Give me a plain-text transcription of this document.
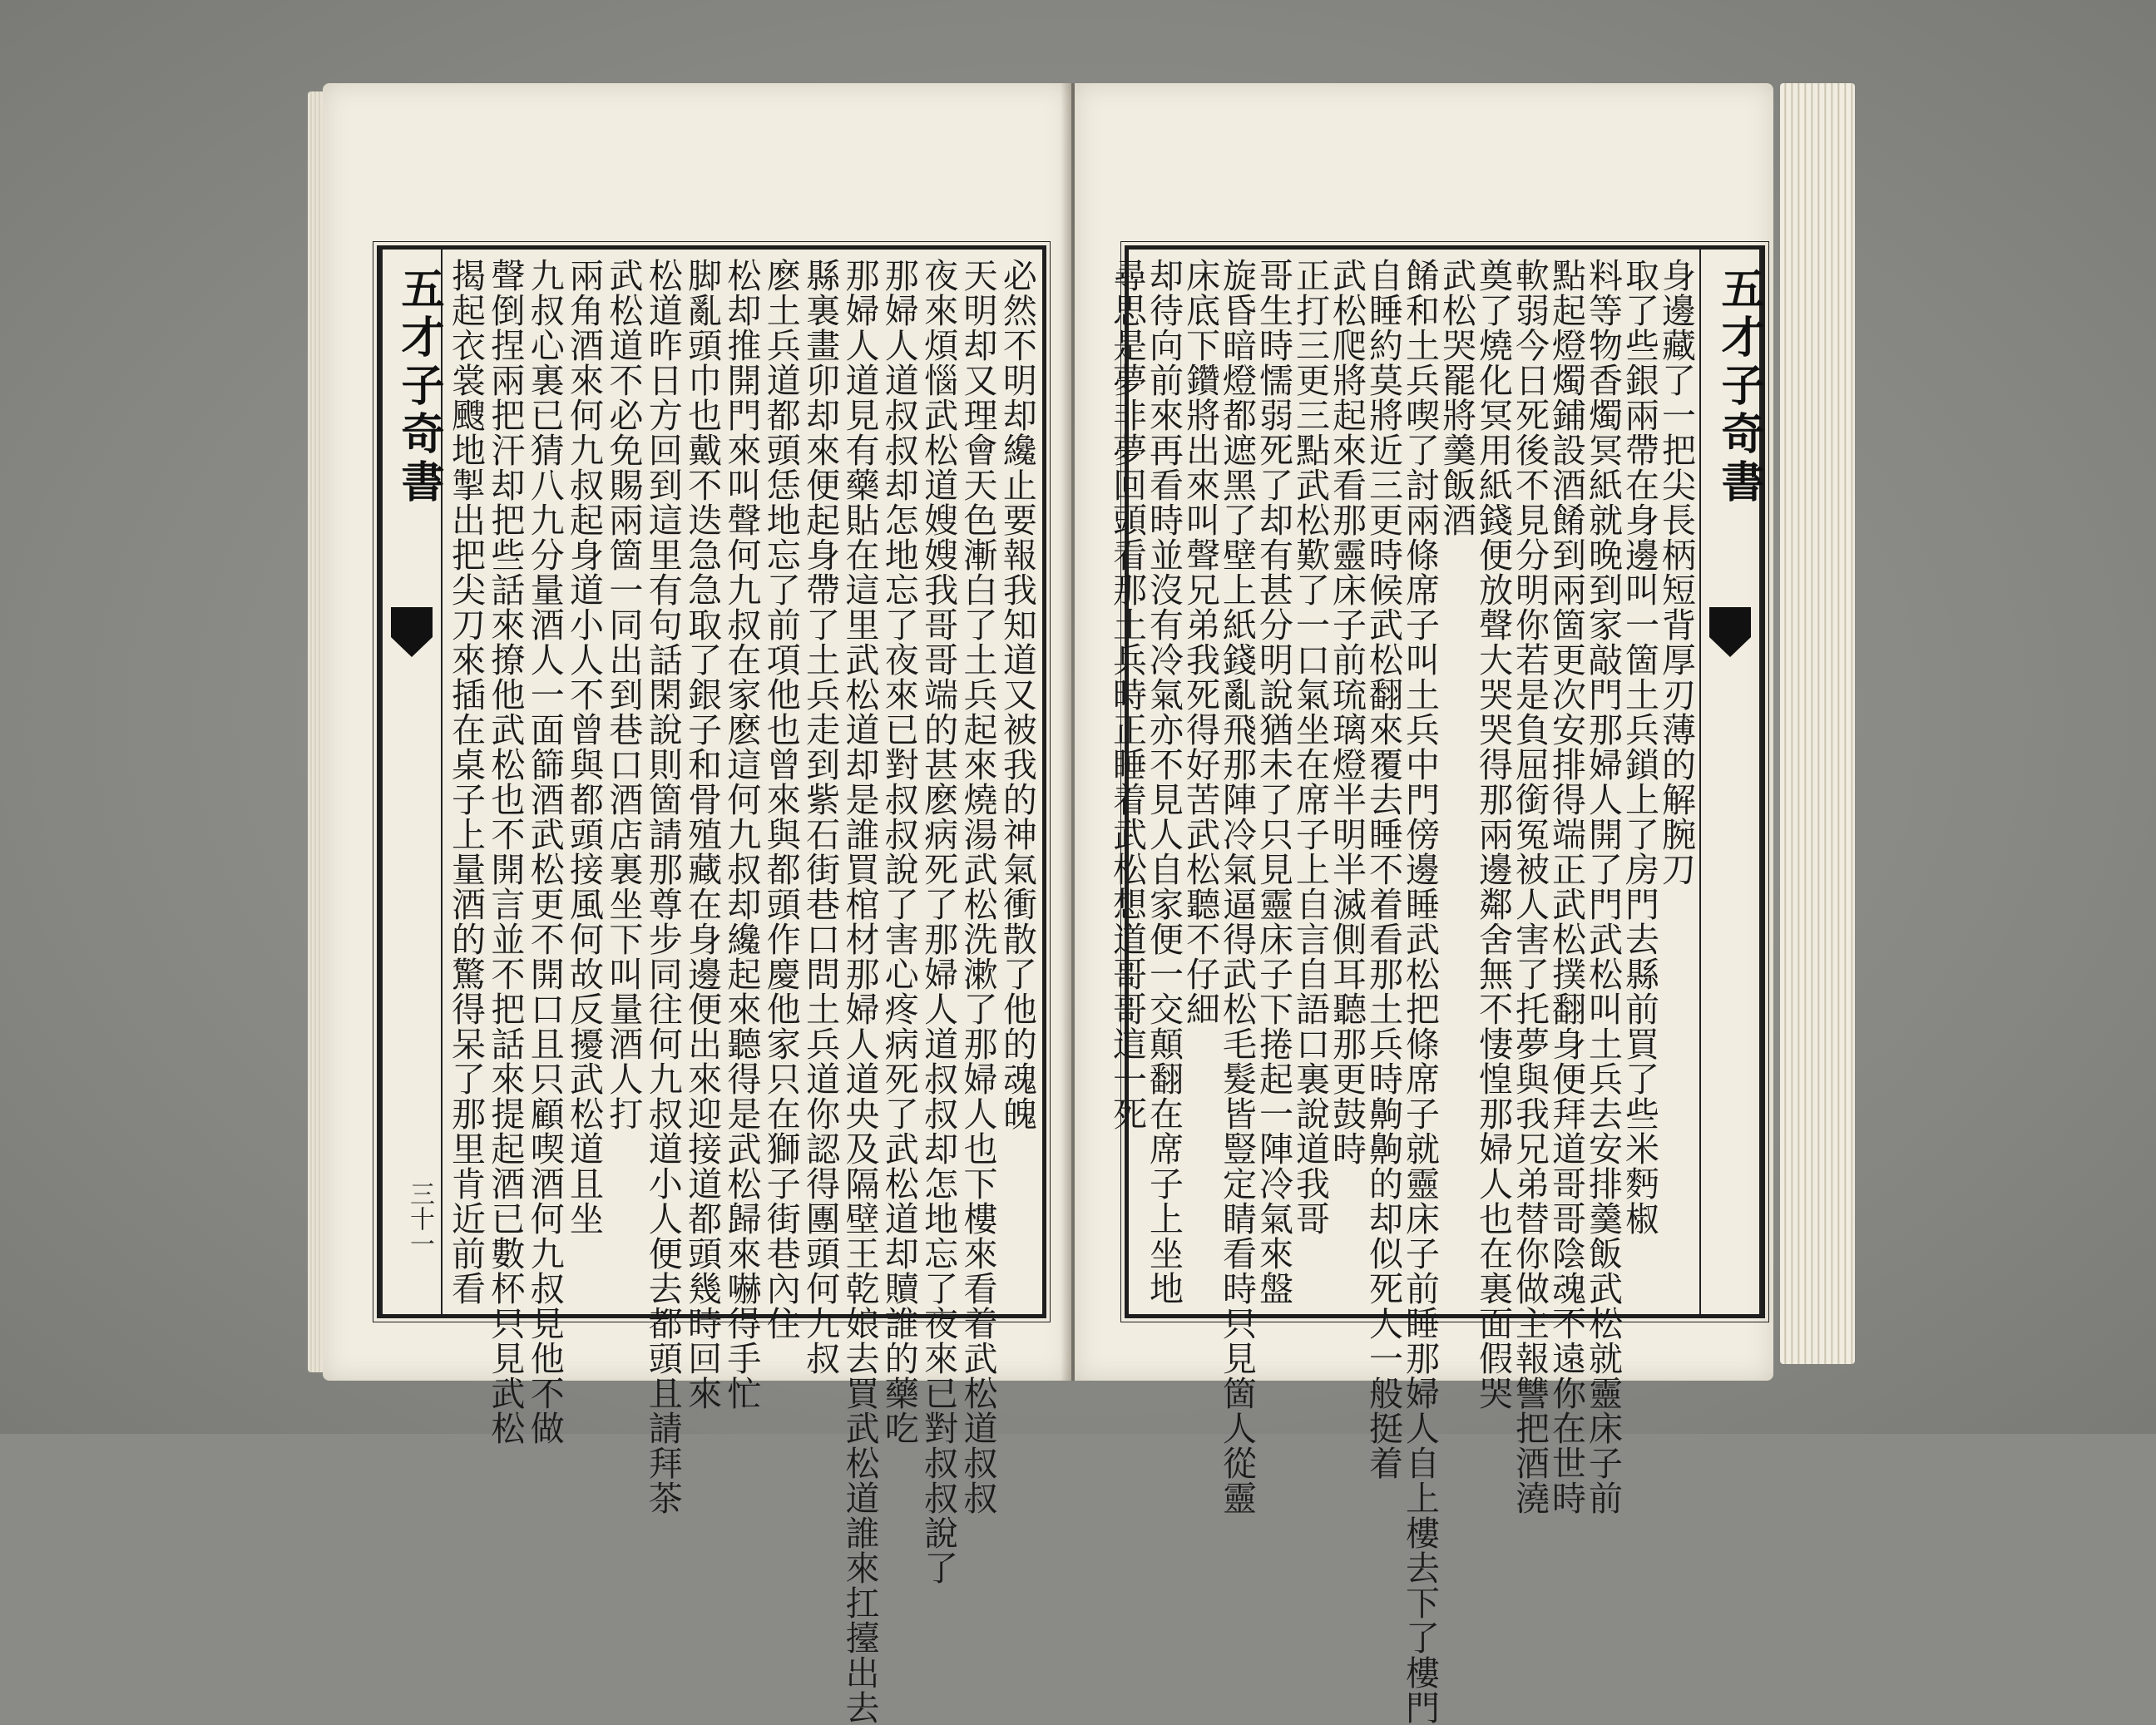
必然不明却纔止要報我知道又被我的神氣衝散了他的魂魄
天明却又理會天色漸白了土兵起來燒湯武松洗漱了那婦人也下樓來看着武松道叔叔
夜來煩惱武松道嫂嫂我哥哥端的甚麽病死了那婦人道叔叔却怎地忘了夜來已對叔叔說了
那婦人道叔叔却怎地忘了夜來已對叔叔說了害心疼病死了武松道却贖誰的藥吃
那婦人道見有藥貼在這里武松道却是誰買棺材那婦人道央及隔壁王乾娘去買武松道誰來扛擡出去
縣裏畫卯却來便起身帶了土兵走到紫石街巷口問土兵道你認得團頭何九叔
麽土兵道都頭恁地忘了前項他也曾來與都頭作慶他家只在獅子街巷內住
松却推開門來叫聲何九叔在家麽這何九叔却纔起來聽得是武松歸來嚇得手忙
脚亂頭巾也戴不迭急急取了銀子和骨殖藏在身邊便出來迎接道都頭幾時回來
松道昨日方回到這里有句話閑說則箇請那尊步同往何九叔道小人便去都頭且請拜茶
武松道不必免賜兩箇一同出到巷口酒店裏坐下叫量酒人打
兩角酒來何九叔起身道小人不曾與都頭接風何故反擾武松道且坐
九叔心裏已猜八九分量酒人一面篩酒武松更不開口且只顧喫酒何九叔見他不做
聲倒捏兩把汗却把些話來撩他武松也不開言並不把話來提起酒已數杯只見武松
揭起衣裳颼地掣出把尖刀來插在桌子上量酒的驚得呆了那里肯近前看
五才子奇書
三十一
身邊藏了一把尖長柄短背厚刃薄的解腕刀
取了些銀兩帶在身邊叫一箇土兵鎖上了房門去縣前買了些米麪椒
料等物香燭冥紙就晚到家敲門那婦人開了門武松叫土兵去安排羹飯武松就靈床子前
點起燈燭鋪設酒餚到兩箇更次安排得端正武松撲翻身便拜道哥哥陰魂不遠你在世時
軟弱今日死後不見分明你若是負屈銜冤被人害了托夢與我兄弟替你做主報讐把酒澆
奠了燒化冥用紙錢便放聲大哭哭得那兩邊鄰舍無不悽惶那婦人也在裏面假哭
武松哭罷將羹飯酒
餚和土兵喫了討兩條席子叫土兵中門傍邊睡武松把條席子就靈床子前睡那婦人自上樓去下了樓門
自睡約莫將近三更時候武松翻來覆去睡不着看那土兵時齁齁的却似死人一般挺着
武松爬將起來看那靈床子前琉璃燈半明半滅側耳聽那更鼓時
正打三更三點武松歎了一口氣坐在席子上自言自語口裏說道我哥
哥生時懦弱死了却有甚分明說猶未了只見靈床子下捲起一陣冷氣來盤
旋昏暗燈都遮黑了壁上紙錢亂飛那陣冷氣逼得武松毛髮皆豎定睛看時只見箇人從靈
床底下鑽將出來叫聲兄弟我死得好苦武松聽不仔細
却待向前來再看時並沒有冷氣亦不見人自家便一交顛翻在席子上坐地
尋思是夢非夢回頭看那土兵時正睡着武松想道哥哥這一死	五才子奇書
